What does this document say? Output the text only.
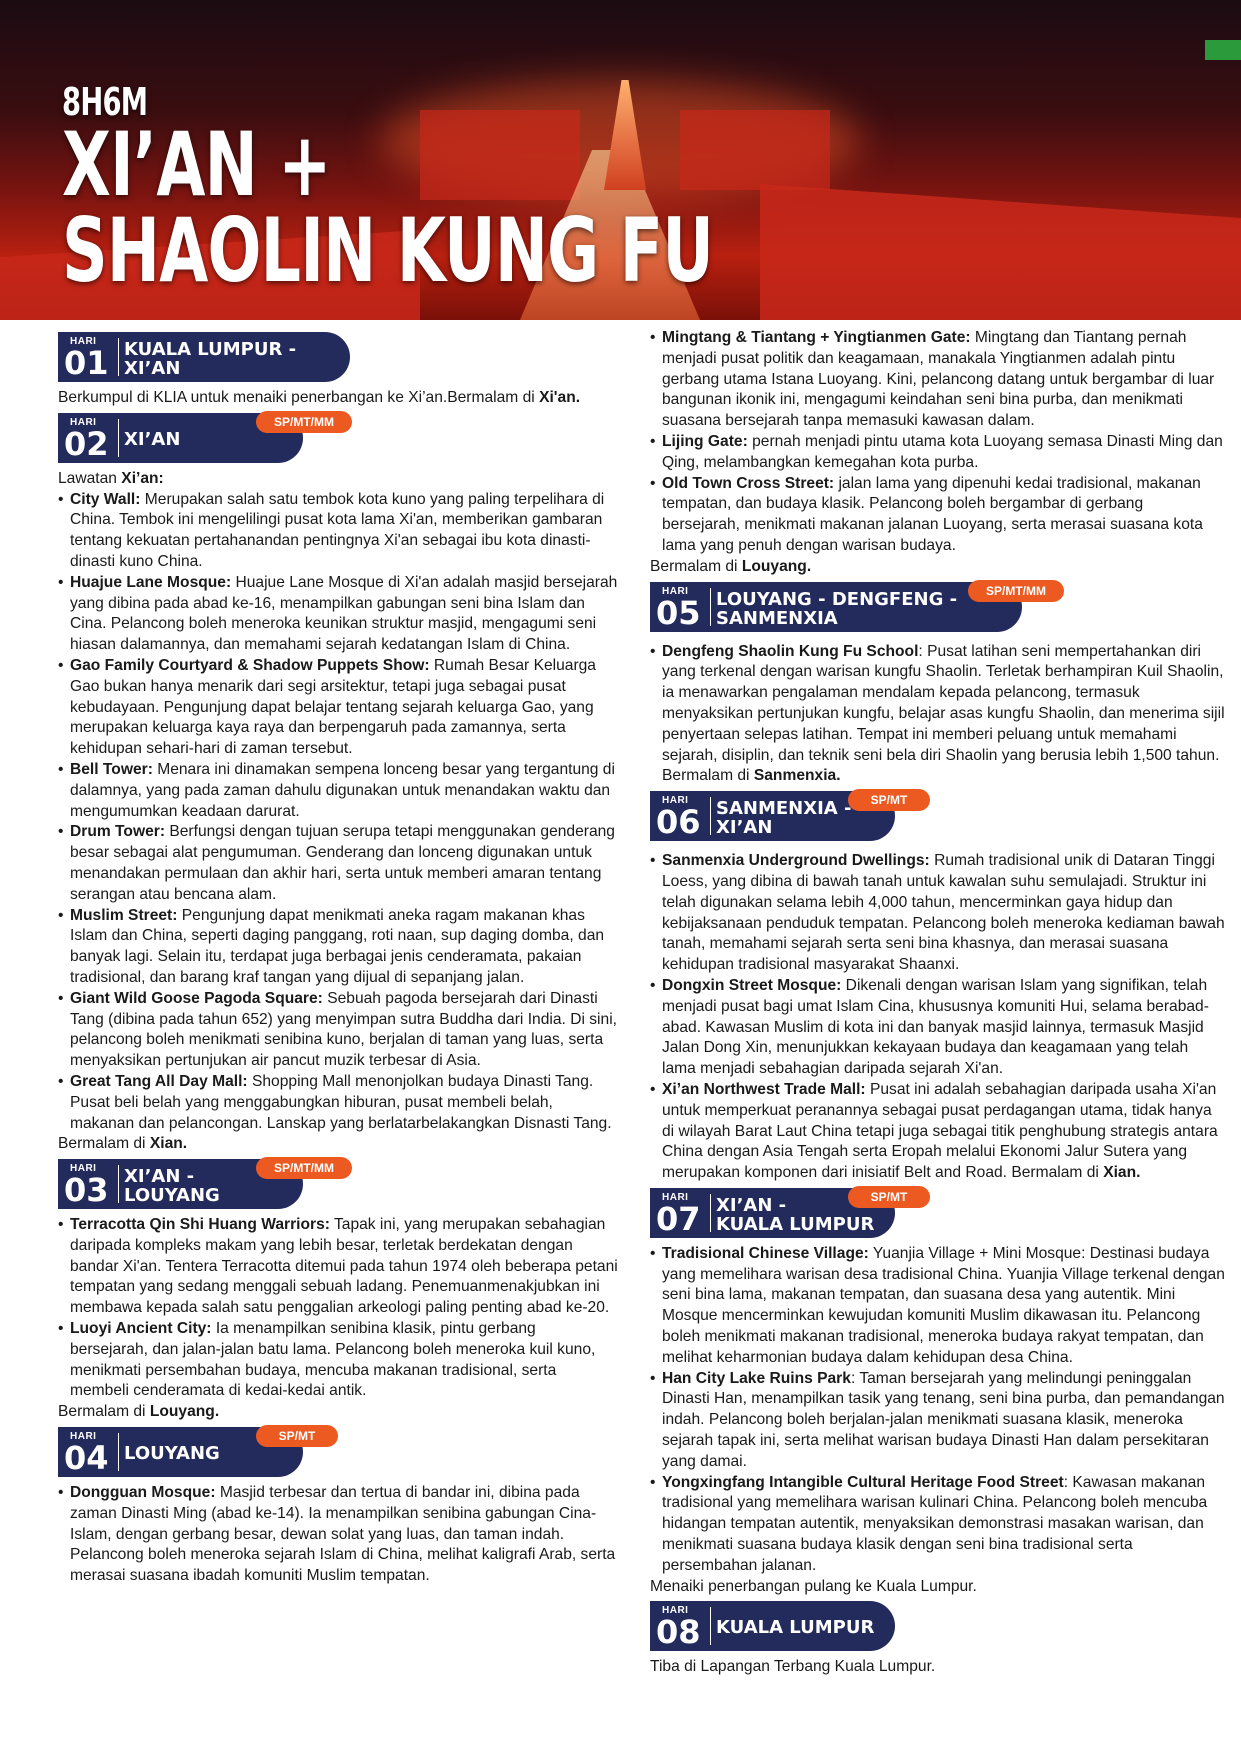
8H6M
XI’AN +
SHAOLIN KUNG FU
HARI
01 KUALA LUMPUR -
XI’AN

Berkumpul di KLIA untuk menaiki penerbangan ke Xi’an.Bermalam di Xi'an.

SP/MT/MM
HARI
02 XI’AN

Lawatan Xi’an:

• City Wall: Merupakan salah satu tembok kota kuno yang paling terpelihara di China. Tembok ini mengelilingi pusat kota lama Xi'an, memberikan gambaran tentang kekuatan pertahanandan pentingnya Xi'an sebagai ibu kota dinasti-dinasti kuno China.
• Huajue Lane Mosque: Huajue Lane Mosque di Xi'an adalah masjid bersejarah yang dibina pada abad ke-16, menampilkan gabungan seni bina Islam dan Cina. Pelancong boleh meneroka keunikan struktur masjid, mengagumi seni hiasan dalamannya, dan memahami sejarah kedatangan Islam di China.
• Gao Family Courtyard & Shadow Puppets Show: Rumah Besar Keluarga Gao bukan hanya menarik dari segi arsitektur, tetapi juga sebagai pusat kebudayaan. Pengunjung dapat belajar tentang sejarah keluarga Gao, yang merupakan keluarga kaya raya dan berpengaruh pada zamannya, serta kehidupan sehari-hari di zaman tersebut.
• Bell Tower: Menara ini dinamakan sempena lonceng besar yang tergantung di dalamnya, yang pada zaman dahulu digunakan untuk menandakan waktu dan mengumumkan keadaan darurat.
• Drum Tower: Berfungsi dengan tujuan serupa tetapi menggunakan genderang besar sebagai alat pengumuman. Genderang dan lonceng digunakan untuk menandakan permulaan dan akhir hari, serta untuk memberi amaran tentang serangan atau bencana alam.
• Muslim Street: Pengunjung dapat menikmati aneka ragam makanan khas Islam dan China, seperti daging panggang, roti naan, sup daging domba, dan banyak lagi. Selain itu, terdapat juga berbagai jenis cenderamata, pakaian tradisional, dan barang kraf tangan yang dijual di sepanjang jalan.
• Giant Wild Goose Pagoda Square: Sebuah pagoda bersejarah dari Dinasti Tang (dibina pada tahun 652) yang menyimpan sutra Buddha dari India. Di sini, pelancong boleh menikmati senibina kuno, berjalan di taman yang luas, serta menyaksikan pertunjukan air pancut muzik terbesar di Asia.
• Great Tang All Day Mall: Shopping Mall menonjolkan budaya Dinasti Tang. Pusat beli belah yang menggabungkan hiburan, pusat membeli belah, makanan dan pelancongan. Lanskap yang berlatarbelakangkan Disnasti Tang.

Bermalam di Xian.

SP/MT/MM
HARI
03 XI’AN -
LOUYANG
• Terracotta Qin Shi Huang Warriors: Tapak ini, yang merupakan sebahagian daripada kompleks makam yang lebih besar, terletak berdekatan dengan bandar Xi'an. Tentera Terracotta ditemui pada tahun 1974 oleh beberapa petani tempatan yang sedang menggali sebuah ladang. Penemuanmenakjubkan ini membawa kepada salah satu penggalian arkeologi paling penting abad ke-20.
• Luoyi Ancient City: Ia menampilkan senibina klasik, pintu gerbang bersejarah, dan jalan-jalan batu lama. Pelancong boleh meneroka kuil kuno, menikmati persembahan budaya, mencuba makanan tradisional, serta membeli cenderamata di kedai-kedai antik.

Bermalam di Louyang.

SP/MT
HARI
04 LOUYANG
• Dongguan Mosque: Masjid terbesar dan tertua di bandar ini, dibina pada zaman Dinasti Ming (abad ke-14). Ia menampilkan senibina gabungan Cina-Islam, dengan gerbang besar, dewan solat yang luas, dan taman indah. Pelancong boleh meneroka sejarah Islam di China, melihat kaligrafi Arab, serta merasai suasana ibadah komuniti Muslim tempatan.
• Mingtang & Tiantang + Yingtianmen Gate: Mingtang dan Tiantang pernah menjadi pusat politik dan keagamaan, manakala Yingtianmen adalah pintu gerbang utama Istana Luoyang. Kini, pelancong datang untuk bergambar di luar bangunan ikonik ini, mengagumi keindahan seni bina purba, dan menikmati suasana bersejarah tanpa memasuki kawasan dalam.
• Lijing Gate: pernah menjadi pintu utama kota Luoyang semasa Dinasti Ming dan Qing, melambangkan kemegahan kota purba.
• Old Town Cross Street: jalan lama yang dipenuhi kedai tradisional, makanan tempatan, dan budaya klasik. Pelancong boleh bergambar di gerbang bersejarah, menikmati makanan jalanan Luoyang, serta merasai suasana kota lama yang penuh dengan warisan budaya.

Bermalam di Louyang.

SP/MT/MM
HARI
05 LOUYANG - DENGFENG -
SANMENXIA
• Dengfeng Shaolin Kung Fu School: Pusat latihan seni mempertahankan diri yang terkenal dengan warisan kungfu Shaolin. Terletak berhampiran Kuil Shaolin, ia menawarkan pengalaman mendalam kepada pelancong, termasuk menyaksikan pertunjukan kungfu, belajar asas kungfu Shaolin, dan menerima sijil penyertaan selepas latihan. Tempat ini memberi peluang untuk memahami sejarah, disiplin, dan teknik seni bela diri Shaolin yang berusia lebih 1,500 tahun. Bermalam di Sanmenxia.
SP/MT
HARI
06 SANMENXIA -
XI’AN
• Sanmenxia Underground Dwellings: Rumah tradisional unik di Dataran Tinggi Loess, yang dibina di bawah tanah untuk kawalan suhu semulajadi. Struktur ini telah digunakan selama lebih 4,000 tahun, mencerminkan gaya hidup dan kebijaksanaan penduduk tempatan. Pelancong boleh meneroka kediaman bawah tanah, memahami sejarah serta seni bina khasnya, dan merasai suasana kehidupan tradisional masyarakat Shaanxi.
• Dongxin Street Mosque: Dikenali dengan warisan Islam yang signifikan, telah menjadi pusat bagi umat Islam Cina, khususnya komuniti Hui, selama berabad-abad. Kawasan Muslim di kota ini dan banyak masjid lainnya, termasuk Masjid Jalan Dong Xin, menunjukkan kekayaan budaya dan keagamaan yang telah lama menjadi sebahagian daripada sejarah Xi'an.
• Xi’an Northwest Trade Mall: Pusat ini adalah sebahagian daripada usaha Xi'an untuk memperkuat peranannya sebagai pusat perdagangan utama, tidak hanya di wilayah Barat Laut China tetapi juga sebagai titik penghubung strategis antara China dengan Asia Tengah serta Eropah melalui Ekonomi Jalur Sutera yang merupakan komponen dari inisiatif Belt and Road. Bermalam di Xian.
SP/MT
HARI
07 XI’AN -
KUALA LUMPUR
• Tradisional Chinese Village: Yuanjia Village + Mini Mosque: Destinasi budaya yang memelihara warisan desa tradisional China. Yuanjia Village terkenal dengan seni bina lama, makanan tempatan, dan suasana desa yang autentik. Mini Mosque mencerminkan kewujudan komuniti Muslim dikawasan itu. Pelancong boleh menikmati makanan tradisional, meneroka budaya rakyat tempatan, dan melihat keharmonian budaya dalam kehidupan desa China.
• Han City Lake Ruins Park: Taman bersejarah yang melindungi peninggalan Dinasti Han, menampilkan tasik yang tenang, seni bina purba, dan pemandangan indah. Pelancong boleh berjalan-jalan menikmati suasana klasik, meneroka sejarah tapak ini, serta melihat warisan budaya Dinasti Han dalam persekitaran yang damai.
• Yongxingfang Intangible Cultural Heritage Food Street: Kawasan makanan tradisional yang memelihara warisan kulinari China. Pelancong boleh mencuba hidangan tempatan autentik, menyaksikan demonstrasi masakan warisan, dan menikmati suasana budaya klasik dengan seni bina tradisional serta persembahan jalanan.

Menaiki penerbangan pulang ke Kuala Lumpur.

HARI
08 KUALA LUMPUR

Tiba di Lapangan Terbang Kuala Lumpur.
